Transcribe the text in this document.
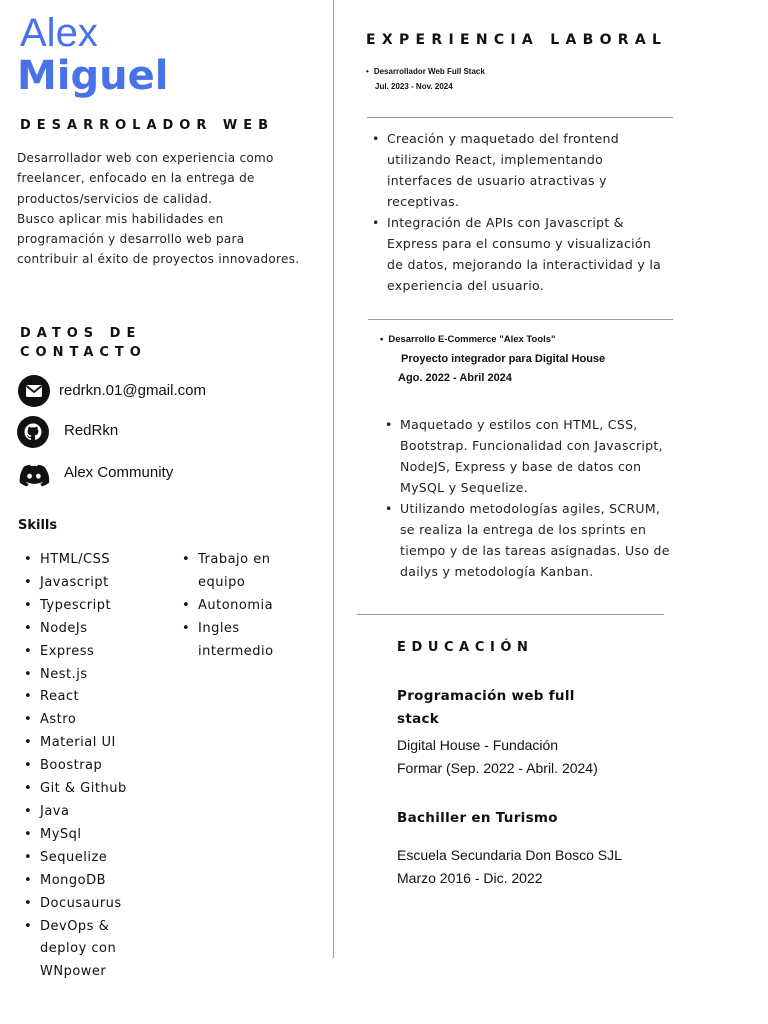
Alex
Miguel
DESARROLADOR WEB
Desarrollador web con experiencia como
freelancer, enfocado en la entrega de
productos/servicios de calidad.
Busco aplicar mis habilidades en
programación y desarrollo web para
contribuir al éxito de proyectos innovadores.
DATOS DE
CONTACTO
redrkn.01@gmail.com
RedRkn
Alex Community
Skills
• HTML/CSS
• Javascript
• Typescript
• NodeJs
• Express
• Nest.js
• React
• Astro
• Material UI
• Boostrap
• Git & Github
• Java
• MySql
• Sequelize
• MongoDB
• Docusaurus
• DevOps &
deploy con
WNpower
• Trabajo en
equipo
• Autonomia
• Ingles
intermedio
EXPERIENCIA LABORAL
• Desarrollador Web Full Stack
Jul. 2023 - Nov. 2024
• Creación y maquetado del frontend
utilizando React, implementando
interfaces de usuario atractivas y
receptivas.
• Integración de APIs con Javascript &
Express para el consumo y visualización
de datos, mejorando la interactividad y la
experiencia del usuario.
• Desarrollo E-Commerce "Alex Tools"
Proyecto integrador para Digital House
Ago. 2022 - Abril 2024
• Maquetado y estilos con HTML, CSS,
Bootstrap. Funcionalidad con Javascript,
NodeJS, Express y base de datos con
MySQL y Sequelize.
• Utilizando metodologías agiles, SCRUM,
se realiza la entrega de los sprints en
tiempo y de las tareas asignadas. Uso de
dailys y metodología Kanban.
EDUCACIÓN
Programación web full
stack
Digital House - Fundación
Formar (Sep. 2022 - Abril. 2024)
Bachiller en Turismo
Escuela Secundaria Don Bosco SJL
Marzo 2016 - Dic. 2022
